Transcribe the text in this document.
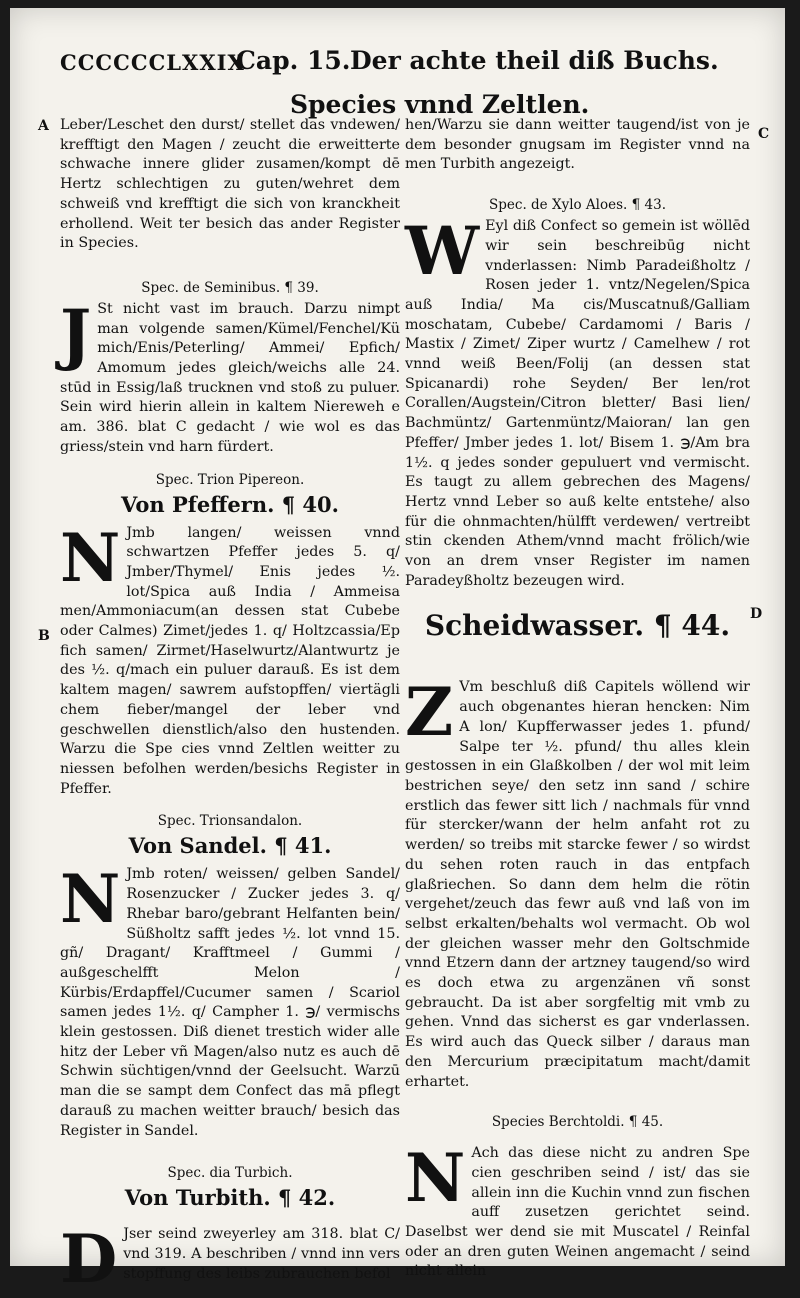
CCCCCCLXXIX
Cap. 15. Der achte theil diß Buchs.
Species vnnd Zeltlen.
A
B
C
D

Leber/Leschet den durst/ stellet das vndewen/ krefftigt den Magen / zeucht die erweitterte schwache innere glider zusamen/kompt dē Hertz schlechtigen zu guten/wehret dem schweiß vnd krefftigt die sich von kranckheit erhollend. Weit ter besich das ander Register in Species.

Spec. de Seminibus. ¶ 39.
J St nicht vast im brauch. Darzu nimpt man volgende samen/Kümel/Fenchel/Kü mich/Enis/Peterling/ Ammei/ Epfich/ Amomum jedes gleich/weichs alle 24. stūd in Essig/laß trucknen vnd stoß zu puluer. Sein wird hierin allein in kaltem Niereweh e am. 386. blat C gedacht / wie wol es das griess/stein vnd harn fürdert.

Spec. Trion Pipereon.
Von Pfeffern. ¶ 40.
N Jmb langen/ weissen vnnd schwartzen Pfeffer jedes 5. q/ Jmber/Thymel/ Enis jedes ½. lot/Spica auß India / Ammeisa men/Ammoniacum(an dessen stat Cubebe oder Calmes) Zimet/jedes 1. q/ Holtzcassia/Ep fich samen/ Zirmet/Haselwurtz/Alantwurtz je des ½. q/mach ein puluer darauß. Es ist dem kaltem magen/ sawrem aufstopffen/ viertägli chem fieber/mangel der leber vnd geschwellen dienstlich/also den hustenden. Warzu die Spe cies vnnd Zeltlen weitter zu niessen befolhen werden/besichs Register in Pfeffer.

Spec. Trionsandalon.
Von Sandel. ¶ 41.
N Jmb roten/ weissen/ gelben Sandel/ Rosenzucker / Zucker jedes 3. q/ Rhebar baro/gebrant Helfanten bein/ Süßholtz safft jedes ½. lot vnnd 15. gñ/ Dragant/ Krafftmeel / Gummi / außgeschelfft Melon / Kürbis/Erdapffel/Cucumer samen / Scariol samen jedes 1½. q/ Campher 1. ℈/ vermischs klein gestossen. Diß dienet trestich wider alle hitz der Leber vñ Magen/also nutz es auch dē Schwin süchtigen/vnnd der Geelsucht. Warzū man die se sampt dem Confect das mā pflegt darauß zu machen weitter brauch/ besich das Register in Sandel.

Spec. dia Turbich.
Von Turbith. ¶ 42.
D Jser seind zweyerley am 318. blat C/ vnd 319. A beschriben / vnnd inn vers stopffung des leibs zubrauchen befol

hen/Warzu sie dann weitter taugend/ist von je dem besonder gnugsam im Register vnnd na men Turbith angezeigt.

Spec. de Xylo Aloes. ¶ 43.
W Eyl diß Confect so gemein ist wöllēd wir sein beschreibūg nicht vnderlassen: Nimb Paradeißholtz / Rosen jeder 1. vntz/Negelen/Spica auß India/ Ma cis/Muscatnuß/Galliam moschatam, Cubebe/ Cardamomi / Baris / Mastix / Zimet/ Ziper wurtz / Camelhew / rot vnnd weiß Been/Folij (an dessen stat Spicanardi) rohe Seyden/ Ber len/rot Corallen/Augstein/Citron bletter/ Basi lien/ Bachmüntz/ Gartenmüntz/Maioran/ lan gen Pfeffer/ Jmber jedes 1. lot/ Bisem 1. ℈/Am bra 1½. q jedes sonder gepuluert vnd vermischt. Es taugt zu allem gebrechen des Magens/ Hertz vnnd Leber so auß kelte entstehe/ also für die ohnmachten/hülfft verdewen/ vertreibt stin ckenden Athem/vnnd macht frölich/wie von an drem vnser Register im namen Paradeyßholtz bezeugen wird.

Scheidwasser. ¶ 44.
Z Vm beschluß diß Capitels wöllend wir auch obgenantes hieran hencken: Nim A lon/ Kupfferwasser jedes 1. pfund/ Salpe ter ½. pfund/ thu alles klein gestossen in ein Glaßkolben / der wol mit leim bestrichen seye/ den setz inn sand / schire erstlich das fewer sitt lich / nachmals für vnnd für stercker/wann der helm anfaht rot zu werden/ so treibs mit starcke fewer / so wirdst du sehen roten rauch in das entpfach glaßriechen. So dann dem helm die rötin vergehet/zeuch das fewr auß vnd laß von im selbst erkalten/behalts wol vermacht. Ob wol der gleichen wasser mehr den Goltschmide vnnd Etzern dann der artzney taugend/so wird es doch etwa zu argenzänen vñ sonst gebraucht. Da ist aber sorgfeltig mit vmb zu gehen. Vnnd das sicherst es gar vnderlassen. Es wird auch das Queck silber / daraus man den Mercurium præcipitatum macht/damit erhartet.

Species Berchtoldi. ¶ 45.
N Ach das diese nicht zu andren Spe cien geschriben seind / ist/ das sie allein inn die Kuchin vnnd zun fischen auff zusetzen gerichtet seind. Daselbst wer dend sie mit Muscatel / Reinfal oder an dren guten Weinen angemacht / seind nicht allein
